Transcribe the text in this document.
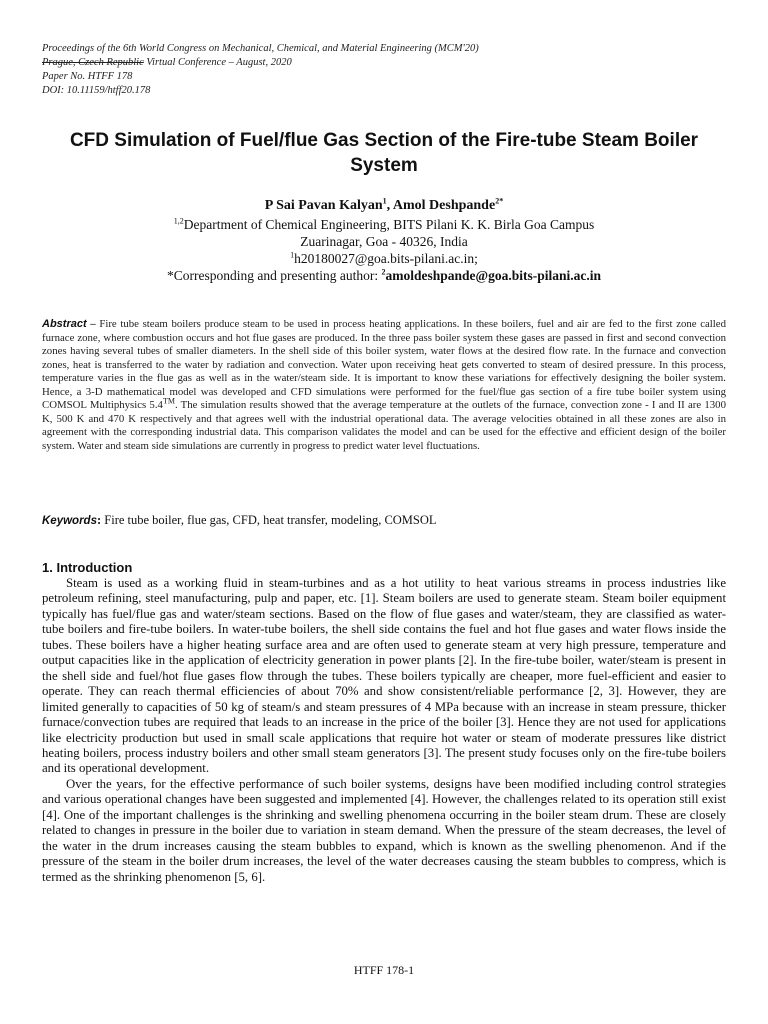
Proceedings of the 6th World Congress on Mechanical, Chemical, and Material Engineering (MCM'20)
Prague, Czech Republic Virtual Conference – August, 2020
Paper No. HTFF 178
DOI: 10.11159/htff20.178
CFD Simulation of Fuel/flue Gas Section of the Fire-tube Steam Boiler System
P Sai Pavan Kalyan$^1$, Amol Deshpande$^{2*}$
$^{1,2}$Department of Chemical Engineering, BITS Pilani K. K. Birla Goa Campus
Zuarinagar, Goa - 40326, India
$^1$h20180027@goa.bits-pilani.ac.in;
*Corresponding and presenting author: $^2$amoldeshpande@goa.bits-pilani.ac.in
Abstract – Fire tube steam boilers produce steam to be used in process heating applications. In these boilers, fuel and air are fed to the first zone called furnace zone, where combustion occurs and hot flue gases are produced. In the three pass boiler system these gases are passed in first and second convection zones having several tubes of smaller diameters. In the shell side of this boiler system, water flows at the desired flow rate. In the furnace and convection zones, heat is transferred to the water by radiation and convection. Water upon receiving heat gets converted to steam of desired pressure. In this process, temperature varies in the flue gas as well as in the water/steam side. It is important to know these variations for effectively designing the boiler system. Hence, a 3-D mathematical model was developed and CFD simulations were performed for the fuel/flue gas section of a fire tube boiler system using COMSOL Multiphysics 5.4™. The simulation results showed that the average temperature at the outlets of the furnace, convection zone - I and II are 1300 K, 500 K and 470 K respectively and that agrees well with the industrial operational data. The average velocities obtained in all these zones are also in agreement with the corresponding industrial data. This comparison validates the model and can be used for the effective and efficient design of the boiler system. Water and steam side simulations are currently in progress to predict water level fluctuations.
Keywords: Fire tube boiler, flue gas, CFD, heat transfer, modeling, COMSOL
1. Introduction

Steam is used as a working fluid in steam-turbines and as a hot utility to heat various streams in process industries like petroleum refining, steel manufacturing, pulp and paper, etc. [1]. Steam boilers are used to generate steam. Steam boiler equipment typically has fuel/flue gas and water/steam sections. Based on the flow of flue gases and water/steam, they are classified as water-tube boilers and fire-tube boilers. In water-tube boilers, the shell side contains the fuel and hot flue gases and water flows inside the tubes. These boilers have a higher heating surface area and are often used to generate steam at very high pressure, temperature and output capacities like in the application of electricity generation in power plants [2]. In the fire-tube boiler, water/steam is present in the shell side and fuel/hot flue gases flow through the tubes. These boilers typically are cheaper, more fuel-efficient and easier to operate. They can reach thermal efficiencies of about 70% and show consistent/reliable performance [2, 3]. However, they are limited generally to capacities of 50 kg of steam/s and steam pressures of 4 MPa because with an increase in steam pressure, thicker furnace/convection tubes are required that leads to an increase in the price of the boiler [3]. Hence they are not used for applications like electricity production but used in small scale applications that require hot water or steam of moderate pressures like district heating boilers, process industry boilers and other small steam generators [3]. The present study focuses only on the fire-tube boilers and its operational development.

Over the years, for the effective performance of such boiler systems, designs have been modified including control strategies and various operational changes have been suggested and implemented [4]. However, the challenges related to its operation still exist [4]. One of the important challenges is the shrinking and swelling phenomena occurring in the boiler steam drum. These are closely related to changes in pressure in the boiler due to variation in steam demand. When the pressure of the steam decreases, the level of the water in the drum increases causing the steam bubbles to expand, which is known as the swelling phenomenon. And if the pressure of the steam in the boiler drum increases, the level of the water decreases causing the steam bubbles to compress, which is termed as the shrinking phenomenon [5, 6].

HTFF 178-1
